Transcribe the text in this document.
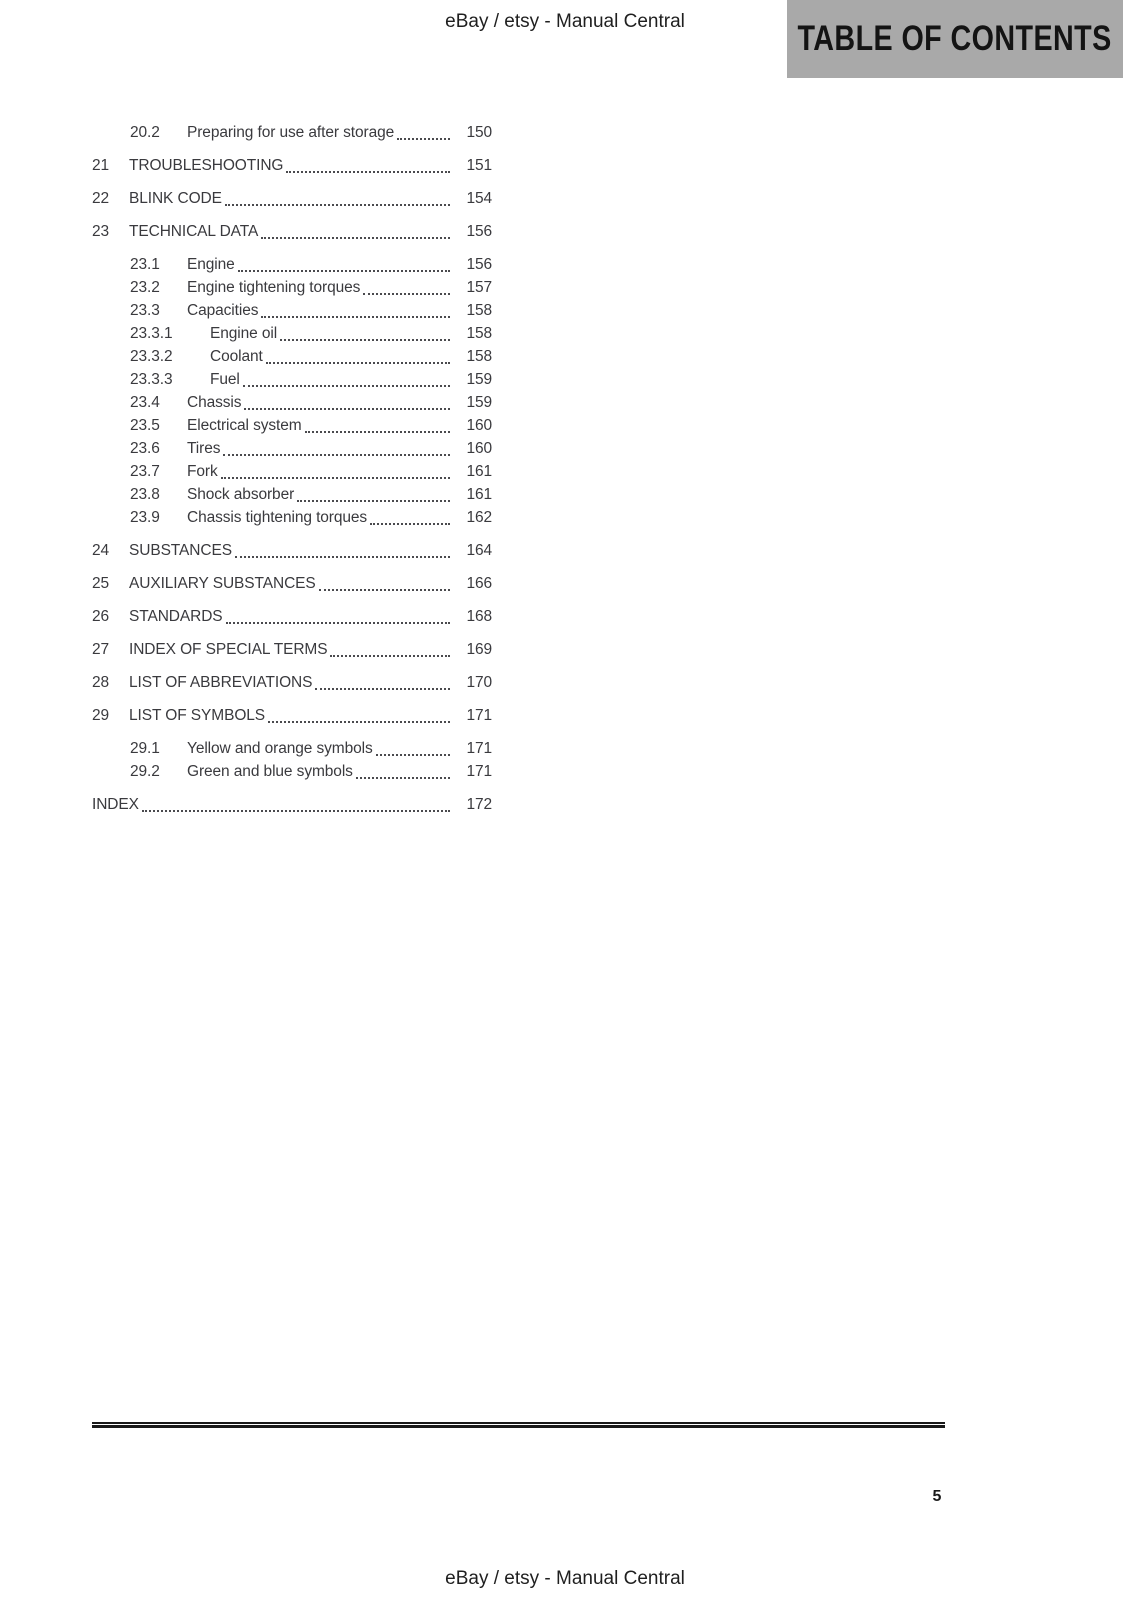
eBay / etsy - Manual Central	TABLE OF CONTENTS
20.2	Preparing for use after storage	150
21	TROUBLESHOOTING	151
22	BLINK CODE	154
23	TECHNICAL DATA	156
23.1	Engine	156
23.2	Engine tightening torques	157
23.3	Capacities	158
23.3.1	Engine oil	158
23.3.2	Coolant	158
23.3.3	Fuel	159
23.4	Chassis	159
23.5	Electrical system	160
23.6	Tires	160
23.7	Fork	161
23.8	Shock absorber	161
23.9	Chassis tightening torques	162
24	SUBSTANCES	164
25	AUXILIARY SUBSTANCES	166
26	STANDARDS	168
27	INDEX OF SPECIAL TERMS	169
28	LIST OF ABBREVIATIONS	170
29	LIST OF SYMBOLS	171
29.1	Yellow and orange symbols	171
29.2	Green and blue symbols	171
INDEX	172
5
eBay / etsy - Manual Central
